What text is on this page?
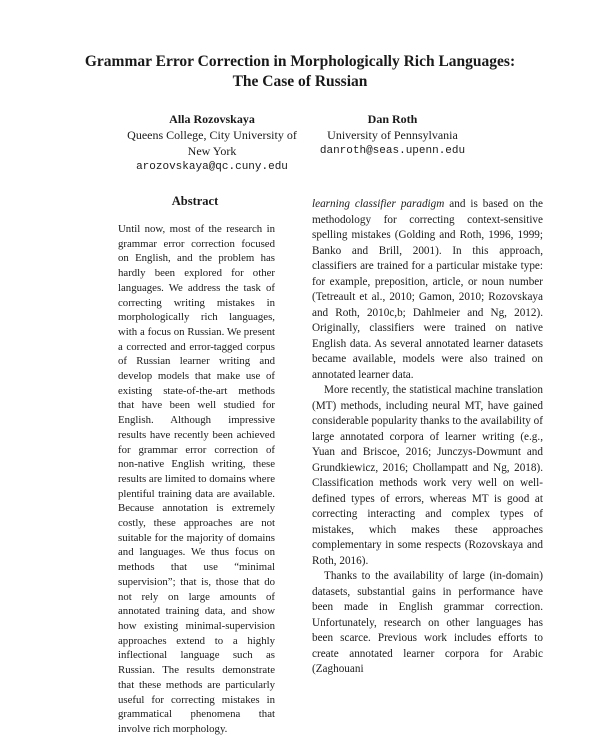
Grammar Error Correction in Morphologically Rich Languages:
The Case of Russian
Alla Rozovskaya
Queens College, City University of
New York
arozovskaya@qc.cuny.edu
Dan Roth
University of Pennsylvania
danroth@seas.upenn.edu
Abstract

Until now, most of the research in grammar error correction focused on English, and the problem has hardly been explored for other languages. We address the task of correcting writing mistakes in morphologically rich languages, with a focus on Russian. We present a corrected and error-tagged corpus of Russian learner writing and develop models that make use of existing state-of-the-art methods that have been well studied for English. Although impressive results have recently been achieved for grammar error correction of non-native English writing, these results are limited to domains where plentiful training data are available. Because annotation is extremely costly, these approaches are not suitable for the majority of domains and languages. We thus focus on methods that use “minimal supervision”; that is, those that do not rely on large amounts of annotated training data, and show how existing minimal-supervision approaches extend to a highly inflectional language such as Russian. The results demonstrate that these methods are particularly useful for correcting mistakes in grammatical phenomena that involve rich morphology.

learning classifier paradigm and is based on the methodology for correcting context-sensitive spelling mistakes (Golding and Roth, 1996, 1999; Banko and Brill, 2001). In this approach, classifiers are trained for a particular mistake type: for example, preposition, article, or noun number (Tetreault et al., 2010; Gamon, 2010; Rozovskaya and Roth, 2010c,b; Dahlmeier and Ng, 2012). Originally, classifiers were trained on native English data. As several annotated learner datasets became available, models were also trained on annotated learner data.

More recently, the statistical machine translation (MT) methods, including neural MT, have gained considerable popularity thanks to the availability of large annotated corpora of learner writing (e.g., Yuan and Briscoe, 2016; Junczys-Dowmunt and Grundkiewicz, 2016; Chollampatt and Ng, 2018). Classification methods work very well on well-defined types of errors, whereas MT is good at correcting interacting and complex types of mistakes, which makes these approaches complementary in some respects (Rozovskaya and Roth, 2016).

Thanks to the availability of large (in-domain) datasets, substantial gains in performance have been made in English grammar correction. Unfortunately, research on other languages has been scarce. Previous work includes efforts to create annotated learner corpora for Arabic (Zaghouani
